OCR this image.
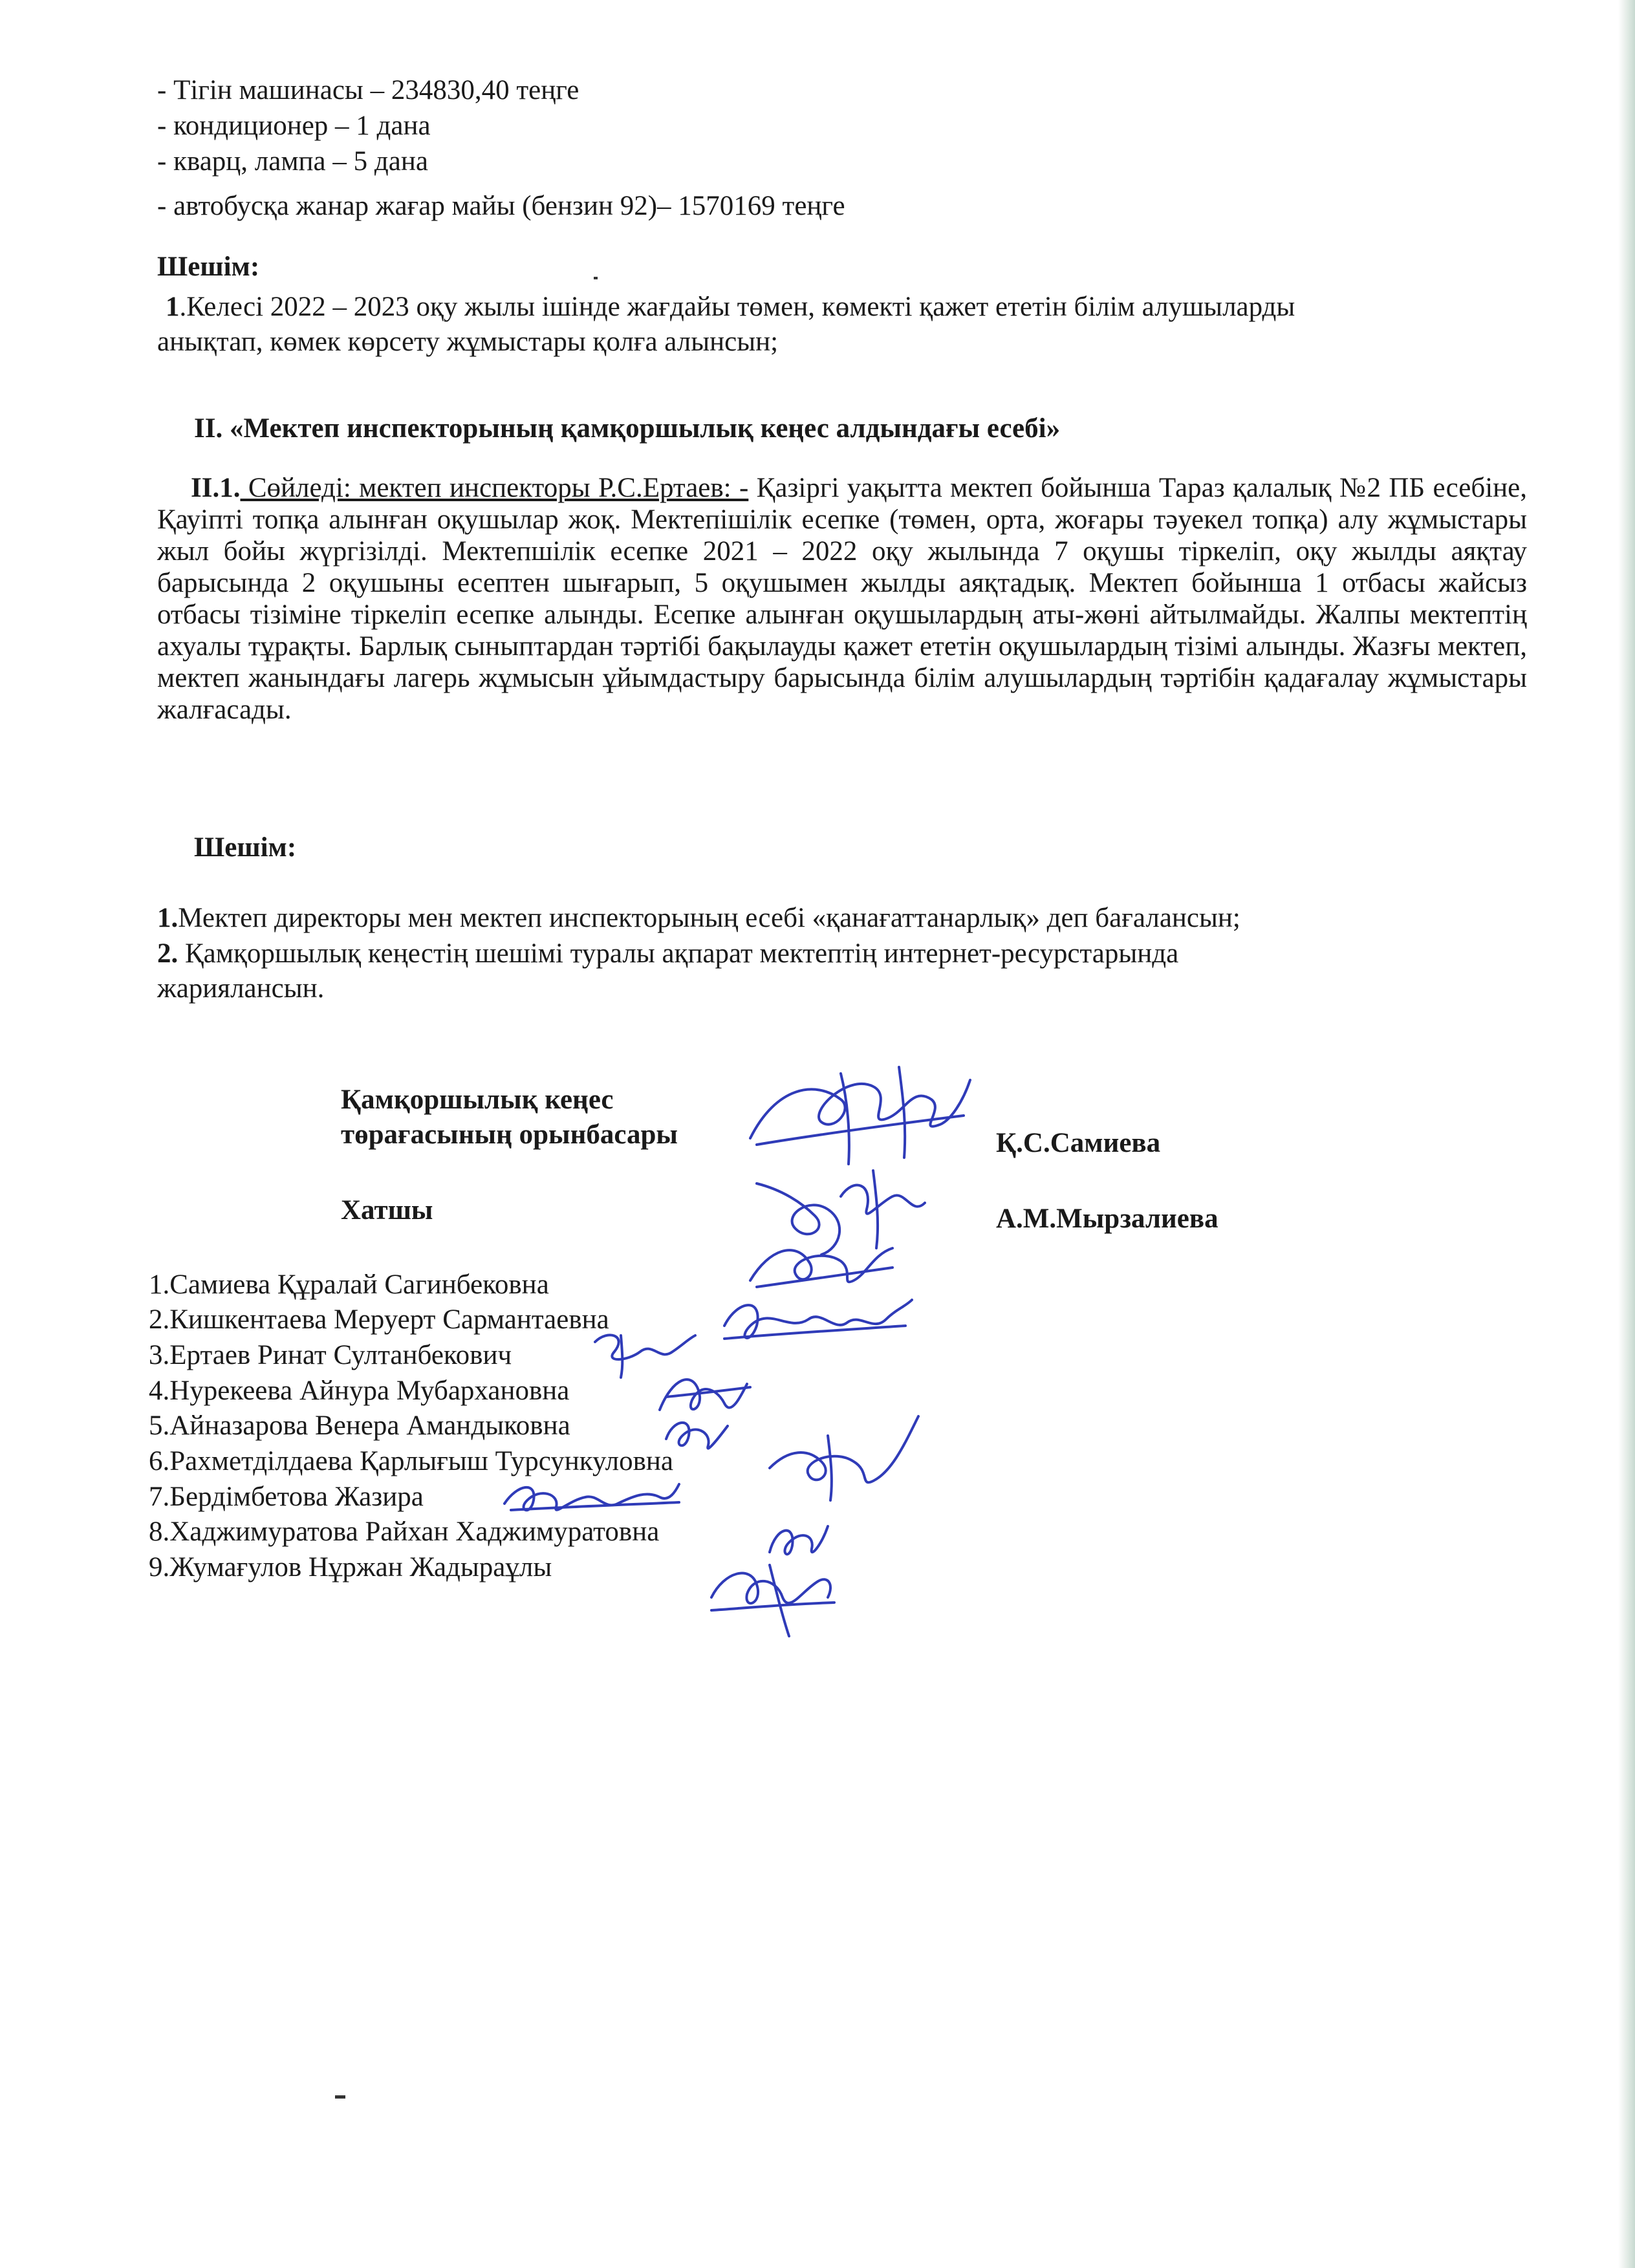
- Тігін машинасы – 234830,40 теңге
- кондиционер – 1 дана
- кварц, лампа – 5 дана
- автобусқа жанар жағар майы (бензин 92)– 1570169 теңге
Шешім:
1.Келесі 2022 – 2023 оқу жылы ішінде жағдайы төмен, көмекті қажет ететін білім алушыларды
анықтап, көмек көрсету жұмыстары қолға алынсын;
II. «Мектеп инспекторының қамқоршылық кеңес алдындағы есебі»
II.1. Сөйледі: мектеп инспекторы Р.С.Ертаев: - Қазіргі уақытта мектеп бойынша Тараз қалалық №2 ПБ есебіне, Қауіпті топқа алынған оқушылар жоқ. Мектепішілік есепке (төмен, орта, жоғары тәуекел топқа) алу жұмыстары жыл бойы жүргізілді. Мектепшілік есепке 2021 – 2022 оқу жылында 7 оқушы тіркеліп, оқу жылды аяқтау барысында 2 оқушыны есептен шығарып, 5 оқушымен жылды аяқтадық. Мектеп бойынша 1 отбасы жайсыз отбасы тізіміне тіркеліп есепке алынды. Есепке алынған оқушылардың аты-жөні айтылмайды. Жалпы мектептің ахуалы тұрақты. Барлық сыныптардан тәртібі бақылауды қажет ететін оқушылардың тізімі алынды. Жазғы мектеп, мектеп жанындағы лагерь жұмысын ұйымдастыру барысында білім алушылардың тәртібін қадағалау жұмыстары жалғасады.
Шешім:
1.Мектеп директоры мен мектеп инспекторының есебі «қанағаттанарлық» деп бағалансын;
2. Қамқоршылық кеңестің шешімі туралы ақпарат мектептің интернет-ресурстарында
жариялансын.
Қамқоршылық кеңес
төрағасының орынбасары	Қ.С.Самиева
Хатшы	А.М.Мырзалиева
1.Самиева Құралай Сагинбековна
2.Кишкентаева Меруерт Сармантаевна
3.Ертаев Ринат Султанбекович
4.Нурекеева Айнура Мубархановна
5.Айназарова Венера Амандыковна
6.Рахметділдаева Қарлығыш Турсункуловна
7.Бердімбетова Жазира
8.Хаджимуратова Райхан Хаджимуратовна
9.Жумағулов Нұржан Жадыраұлы
